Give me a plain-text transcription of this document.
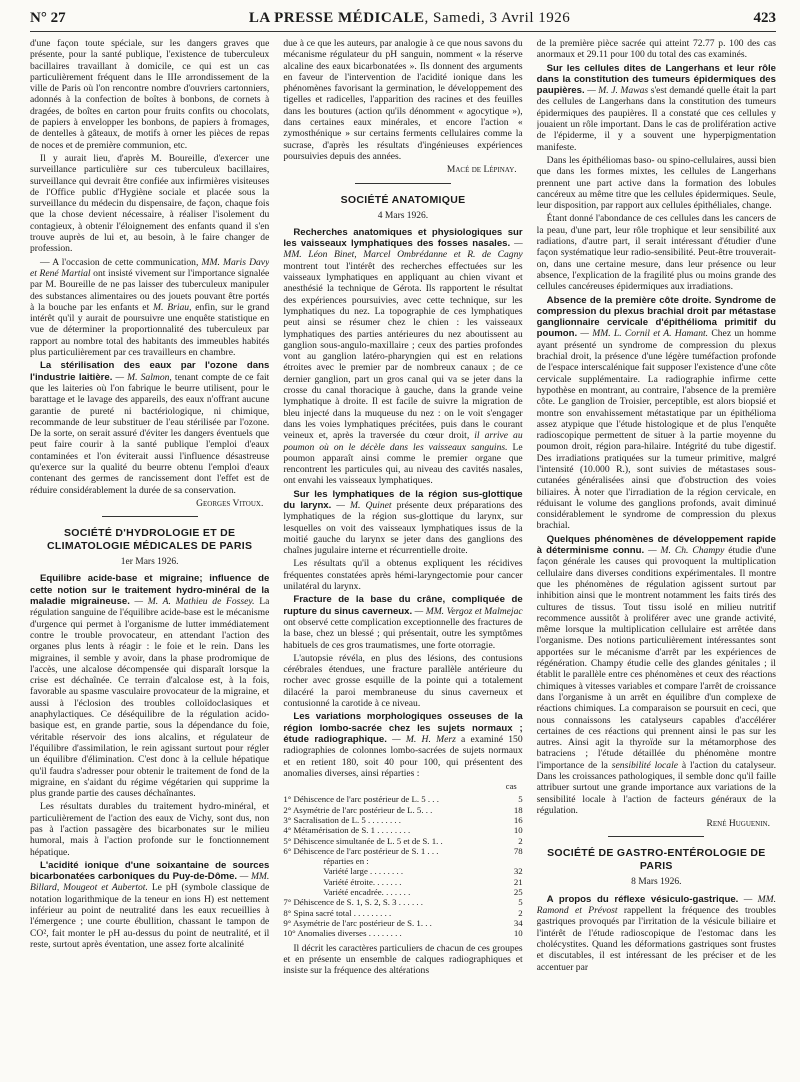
N° 27	LA PRESSE MÉDICALE, Samedi, 3 Avril 1926	423

d'une façon toute spéciale, sur les dangers graves que présente, pour la santé publique, l'existence de tuberculeux bacillaires travaillant à domicile, ce qui est un cas particulièrement fréquent dans le IIIe arrondissement de la ville de Paris où l'on rencontre nombre d'ouvriers cartonniers, adonnés à la confection de boîtes à bonbons, de cornets à dragées, de boîtes en carton pour fruits confits ou chocolats, de papiers à envelopper les bonbons, de papiers à fromages, de dentelles à gâteaux, de motifs à orner les pièces de repas de noces et de première communion, etc.

Il y aurait lieu, d'après M. Boureille, d'exercer une surveillance particulière sur ces tuberculeux bacillaires, surveillance qui devrait être confiée aux infirmières visiteuses de l'Office public d'Hygiène sociale et placée sous la surveillance du médecin du dispensaire, de façon, chaque fois que la chose devient nécessaire, à réaliser l'isolement du contagieux, à obtenir l'éloignement des enfants quand il s'en trouve auprès de lui et, au besoin, à le faire changer de profession.

— A l'occasion de cette communication, MM. Maris Davy et René Martial ont insisté vivement sur l'importance signalée par M. Boureille de ne pas laisser des tuberculeux manipuler des substances alimentaires ou des jouets pouvant être portés à la bouche par les enfants et M. Briau, enfin, sur le grand intérêt qu'il y aurait de poursuivre une enquête statistique en vue de déterminer la proportionnalité des tuberculeux par rapport au nombre total des habitants des immeubles habités plus particulièrement par ces travailleurs en chambre.

La stérilisation des eaux par l'ozone dans l'industrie laitière. — M. Salmon, tenant compte de ce fait que les laiteries où l'on fabrique le beurre utilisent, pour le barattage et le lavage des appareils, des eaux n'offrant aucune garantie de pureté ni bactériologique, ni chimique, recommande de leur substituer de l'eau stérilisée par l'ozone. De la sorte, on serait assuré d'éviter les dangers éventuels que peut faire courir à la santé publique l'emploi d'eaux contaminées et l'on éviterait aussi l'influence désastreuse qu'exerce sur la qualité du beurre obtenu l'emploi d'eaux contenant des germes de rancissement dont l'effet est de réduire considérablement la durée de sa conservation.

Georges Vitoux.
SOCIÉTÉ D'HYDROLOGIE ET DE CLIMATOLOGIE MÉDICALES DE PARIS
1er Mars 1926.

Equilibre acide-base et migraine; influence de cette notion sur le traitement hydro-minéral de la maladie migraineuse. — M. A. Mathieu de Fossey. La régulation sanguine de l'équilibre acide-base est le mécanisme d'urgence qui permet à l'organisme de lutter immédiatement contre le trouble provocateur, en attendant l'action des organes plus lents à réagir : le foie et le rein. Dans les migraines, il semble y avoir, dans la phase prodromique de l'accès, une alcalose décompensée qui disparaît lorsque la crise est déchaînée. Ce terrain d'alcalose est, à la fois, favorable au spasme vasculaire provocateur de la migraine, et aussi à l'éclosion des troubles colloïdoclasiques et anaphylactiques. Ce déséquilibre de la régulation acido-basique est, en grande partie, sous la dépendance du foie, véritable réservoir des ions alcalins, et régulateur de l'équilibre d'assimilation, le rein agissant surtout pour régler un équilibre d'élimination. C'est donc à la cellule hépatique qu'il faudra s'adresser pour obtenir le traitement de fond de la migraine, en s'aidant du régime végétarien qui supprime la plus grande partie des causes déchaînantes.

Les résultats durables du traitement hydro-minéral, et particulièrement de l'action des eaux de Vichy, sont dus, non pas à l'action passagère des bicarbonates sur le milieu humoral, mais à l'action profonde sur le fonctionnement hépatique.

L'acidité ionique d'une soixantaine de sources bicarbonatées carboniques du Puy-de-Dôme. — MM. Billard, Mougeot et Aubertot. Le pH (symbole classique de notation logarithmique de la teneur en ions H) est nettement inférieur au point de neutralité dans les eaux recueillies à l'émergence ; une courte ébullition, chassant le tampon de CO², fait monter le pH au-dessus du point de neutralité, et il reste, surtout après éventation, une assez forte alcalinité

due à ce que les auteurs, par analogie à ce que nous savons du mécanisme régulateur du pH sanguin, nomment « la réserve alcaline des eaux bicarbonatées ». Ils donnent des arguments en faveur de l'intervention de l'acidité ionique dans les phénomènes favorisant la germination, le développement des tigelles et radicelles, l'apparition des racines et des feuilles dans les boutures (action qu'ils dénomment « agocytique »), dans certaines eaux minérales, et encore l'action « zymosthénique » sur certains ferments cellulaires comme la sucrase, d'après les résultats d'ingénieuses expériences poursuivies depuis des années.

Macé de Lépinay.
SOCIÉTÉ ANATOMIQUE
4 Mars 1926.

Recherches anatomiques et physiologiques sur les vaisseaux lymphatiques des fosses nasales. — MM. Léon Binet, Marcel Ombrédanne et R. de Cagny montrent tout l'intérêt des recherches effectuées sur les vaisseaux lymphatiques en appliquant au chien vivant et anesthésié la technique de Gérota. Ils rapportent le résultat des expériences poursuivies, avec cette technique, sur les lymphatiques du nez. La topographie de ces lymphatiques peut ainsi se résumer chez le chien : les vaisseaux lymphatiques des parties antérieures du nez aboutissent au ganglion sous-angulo-maxillaire ; ceux des parties profondes vont au ganglion latéro-pharyngien qui est en relations étroites avec le premier par de nombreux canaux ; de ce dernier ganglion, part un gros canal qui va se jeter dans la crosse du canal thoracique à gauche, dans la grande veine lymphatique à droite. Il est facile de suivre la migration de bleu injecté dans la muqueuse du nez : on le voit s'engager dans les voies lymphatiques précitées, puis dans le courant veineux et, après la traversée du cœur droit, il arrive au poumon où on le décèle dans les vaisseaux sanguins. Le poumon apparaît ainsi comme le premier organe que rencontrent les particules qui, au niveau des cavités nasales, ont envahi les vaisseaux lymphatiques.

Sur les lymphatiques de la région sus-glottique du larynx. — M. Quinet présente deux préparations des lymphatiques de la région sus-glottique du larynx, sur lesquelles on voit des vaisseaux lymphatiques issus de la moitié gauche du larynx se jeter dans des ganglions des chaînes jugulaire interne et récurrentielle droite.

Les résultats qu'il a obtenus expliquent les récidives fréquentes constatées après hémi-laryngectomie pour cancer unilatéral du larynx.

Fracture de la base du crâne, compliquée de rupture du sinus caverneux. — MM. Vergoz et Malmejac ont observé cette complication exceptionnelle des fractures de la base, chez un blessé ; qui présentait, outre les symptômes habituels de ces gros traumatismes, une forte otorragie.

L'autopsie révéla, en plus des lésions, des contusions cérébrales étendues, une fracture parallèle antérieure du rocher avec grosse esquille de la pointe qui a totalement dilacéré la paroi membraneuse du sinus caverneux et contusionné la carotide à ce niveau.

Les variations morphologiques osseuses de la région lombo-sacrée chez les sujets normaux ; étude radiographique. — M. H. Merz a examiné 150 radiographies de colonnes lombo-sacrées de sujets normaux et en retient 180, soit 40 pour 100, qui présentent des anomalies diverses, ainsi réparties :

cas
1° Déhiscence de l'arc postérieur de L. 5 . . .	5
2° Asymétrie de l'arc postérieur de L. 5. . .	18
3° Sacralisation de L. 5 . . . . . . . .	16
4° Métamérisation de S. 1 . . . . . . . .	10
5° Déhiscence simultanée de L. 5 et de S. 1. .	2
6° Déhiscence de l'arc postérieur de S. 1 . . .	78
réparties en :	
Variété large . . . . . . . .	32
Variété étroite. . . . . . .	21
Variété encadrée. . . . . . .	25
7° Déhiscence de S. 1, S. 2, S. 3 . . . . . .	5
8° Spina sacré total . . . . . . . . .	2
9° Asymétrie de l'arc postérieur de S. 1. . .	34
10° Anomalies diverses . . . . . . . .	10

Il décrit les caractères particuliers de chacun de ces groupes et en présente un ensemble de calques radiographiques et insiste sur la fréquence des altérations

de la première pièce sacrée qui atteint 72.77 p. 100 des cas anormaux et 29.11 pour 100 du total des cas examinés.

Sur les cellules dites de Langerhans et leur rôle dans la constitution des tumeurs épidermiques des paupières. — M. J. Mawas s'est demandé quelle était la part des cellules de Langerhans dans la constitution des tumeurs épidermiques des paupières. Il a constaté que ces cellules y jouaient un rôle important. Dans le cas de prolifération active de l'épiderme, il y a souvent une hyperpigmentation manifeste.

Dans les épithéliomas baso- ou spino-cellulaires, aussi bien que dans les formes mixtes, les cellules de Langerhans prennent une part active dans la formation des lobules cancéreux au même titre que les cellules épidermiques. Seule, leur disposition, par rapport aux cellules épithéliales, change.

Étant donné l'abondance de ces cellules dans les cancers de la peau, d'une part, leur rôle trophique et leur sensibilité aux radiations, d'autre part, il serait intéressant d'étudier d'une façon systématique leur radio-sensibilité. Peut-être trouverait-on, dans une certaine mesure, dans leur présence ou leur absence, l'explication de la fragilité plus ou moins grande des cellules cancéreuses épidermiques aux irradiations.

Absence de la première côte droite. Syndrome de compression du plexus brachial droit par métastase ganglionnaire cervicale d'épithélioma primitif du poumon. — MM. L. Cornil et A. Hamant. Chez un homme ayant présenté un syndrome de compression du plexus brachial droit, la présence d'une légère tuméfaction profonde de l'espace interscalénique fait supposer l'existence d'une côte cervicale supplémentaire. La radiographie infirme cette hypothèse en montrant, au contraire, l'absence de la première côte. Le ganglion de Troisier, perceptible, est alors biopsié et montre son envahissement métastatique par un épithélioma assez atypique que l'étude histologique et de plus l'enquête radioscopique permettent de situer à la partie moyenne du poumon droit, région para-hilaire. Intégrité du tube digestif. Des irradiations pratiquées sur la tumeur primitive, malgré l'intensité (10.000 R.), sont suivies de métastases sous-cutanées généralisées ainsi que d'obstruction des voies biliaires. À noter que l'irradiation de la région cervicale, en réduisant le volume des ganglions profonds, avait diminué considérablement le syndrome de compression du plexus brachial.

Quelques phénomènes de développement rapide à déterminisme connu. — M. Ch. Champy étudie d'une façon générale les causes qui provoquent la multiplication cellulaire dans diverses conditions expérimentales. Il montre que les phénomènes de régulation agissent surtout par inhibition ainsi que le montrent notamment les faits tirés des cultures de tissus. Tout tissu isolé en milieu nutritif recommence aussitôt à proliférer avec une grande activité, même lorsque la multiplication cellulaire est arrêtée dans l'organisme. Des notions particulièrement intéressantes sont apportées sur le mécanisme d'arrêt par les expériences de régénération. Champy étudie celle des glandes génitales ; il établit le parallèle entre ces phénomènes et ceux des réactions chimiques à vitesses variables et compare l'arrêt de croissance dans l'organisme à un arrêt en équilibre d'un complexe de réactions chimiques. La comparaison se poursuit en ceci, que nous connaissons les catalyseurs capables d'accélérer certaines de ces réactions qui prennent ainsi le pas sur les autres. Ainsi agit la thyroïde sur la métamorphose des batraciens ; l'étude détaillée du phénomène montre l'importance de la sensibilité locale à l'action du catalyseur. Dans les croissances pathologiques, il semble donc qu'il faille attribuer surtout une grande importance aux variations de la sensibilité locale à l'action de facteurs généraux de la régulation.

René Huguenin.
SOCIÉTÉ DE GASTRO-ENTÉROLOGIE DE PARIS
8 Mars 1926.

A propos du réflexe vésiculo-gastrique. — MM. Ramond et Prévost rappellent la fréquence des troubles gastriques provoqués par l'irritation de la vésicule biliaire et l'intérêt de l'étude radioscopique de l'estomac dans les cholécystites. Quand les déformations gastriques sont frustes et discutables, il est intéressant de les préciser et de les accentuer par
